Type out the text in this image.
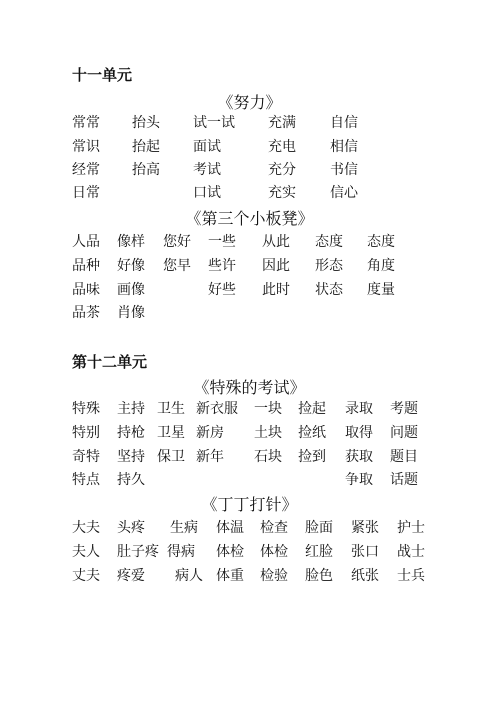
十一单元
《努力》
常常 抬头 试一试 充满 自信
常识 抬起 面试	充电 相信
经常 抬高 考试	充分 书信
日常	口试	充实 信心
《第三个小板凳》
人品 像样 您好 一些 从此 态度 态度
品种 好像 您早 些许 因此 形态 角度
品味 画像	好些 此时 状态 度量
品茶 肖像
第十二单元
《特殊的考试》
特殊 主持 卫生 新衣服 一块 捡起 录取 考题
特别 持枪 卫星 新房 土块 捡纸 取得 问题
奇特 坚持 保卫 新年 石块 捡到 获取 题目
特点 持久	争取 话题
《丁丁打针》
大夫 头疼 生病 体温 检查 脸面 紧张 护士
夫人 肚子疼 得病 体检 体检 红脸 张口 战士
丈夫 疼爱 病人 体重 检验 脸色 纸张 士兵
